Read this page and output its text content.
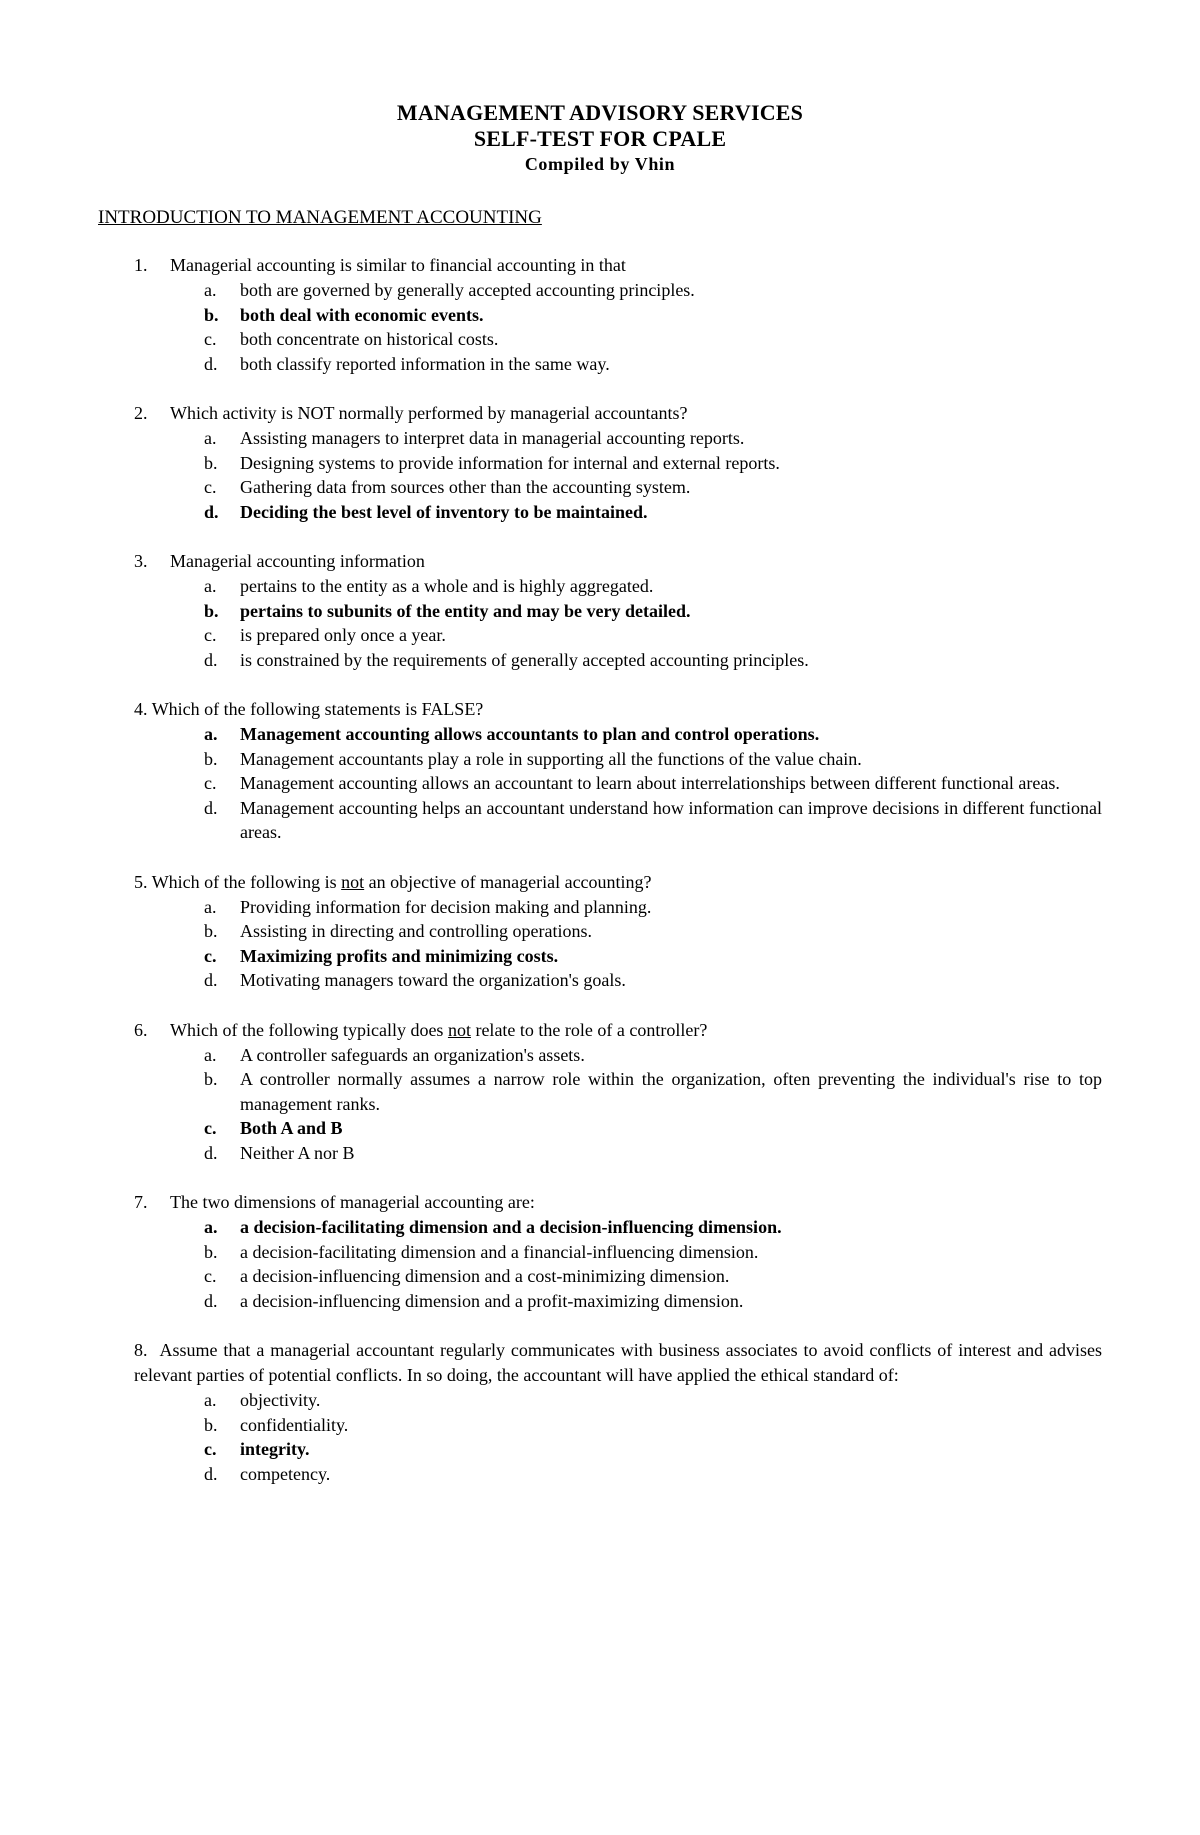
MANAGEMENT ADVISORY SERVICES
SELF-TEST FOR CPALE
Compiled by Vhin
INTRODUCTION TO MANAGEMENT ACCOUNTING
1. Managerial accounting is similar to financial accounting in that
a. both are governed by generally accepted accounting principles.
b. both deal with economic events.
c. both concentrate on historical costs.
d. both classify reported information in the same way.
2. Which activity is NOT normally performed by managerial accountants?
a. Assisting managers to interpret data in managerial accounting reports.
b. Designing systems to provide information for internal and external reports.
c. Gathering data from sources other than the accounting system.
d. Deciding the best level of inventory to be maintained.
3. Managerial accounting information
a. pertains to the entity as a whole and is highly aggregated.
b. pertains to subunits of the entity and may be very detailed.
c. is prepared only once a year.
d. is constrained by the requirements of generally accepted accounting principles.
4. Which of the following statements is FALSE?
a. Management accounting allows accountants to plan and control operations.
b. Management accountants play a role in supporting all the functions of the value chain.
c. Management accounting allows an accountant to learn about interrelationships between different functional areas.
d. Management accounting helps an accountant understand how information can improve decisions in different functional areas.
5. Which of the following is not an objective of managerial accounting?
a. Providing information for decision making and planning.
b. Assisting in directing and controlling operations.
c. Maximizing profits and minimizing costs.
d. Motivating managers toward the organization's goals.
6. Which of the following typically does not relate to the role of a controller?
a. A controller safeguards an organization's assets.
b. A controller normally assumes a narrow role within the organization, often preventing the individual's rise to top management ranks.
c. Both A and B
d. Neither A nor B
7. The two dimensions of managerial accounting are:
a. a decision-facilitating dimension and a decision-influencing dimension.
b. a decision-facilitating dimension and a financial-influencing dimension.
c. a decision-influencing dimension and a cost-minimizing dimension.
d. a decision-influencing dimension and a profit-maximizing dimension.
8. Assume that a managerial accountant regularly communicates with business associates to avoid conflicts of interest and advises relevant parties of potential conflicts. In so doing, the accountant will have applied the ethical standard of:
a. objectivity.
b. confidentiality.
c. integrity.
d. competency.
